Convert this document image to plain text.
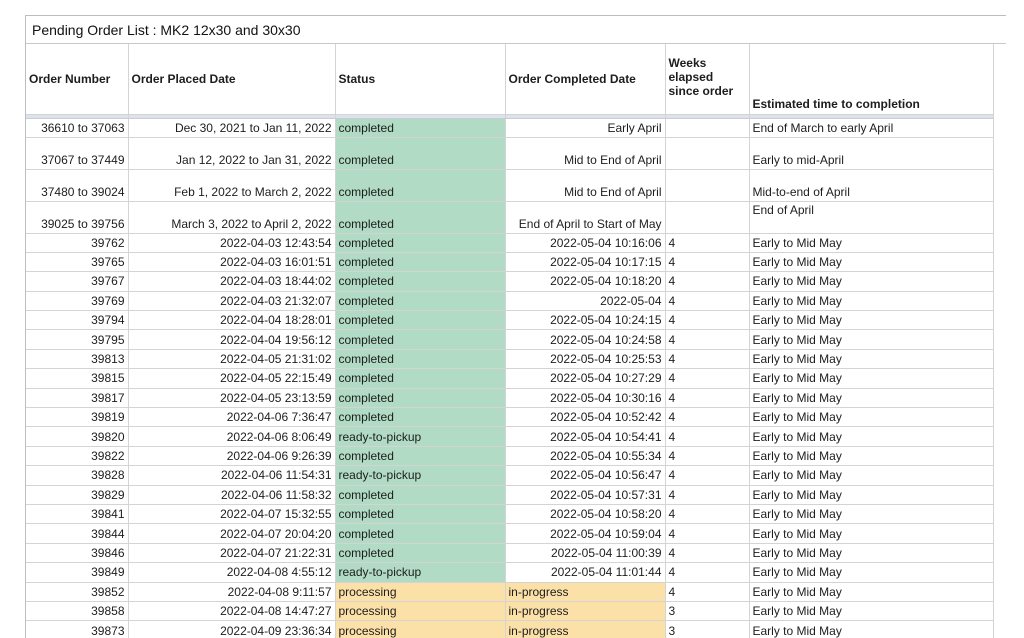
Pending Order List : MK2 12x30 and 30x30
Order Number	Order Placed Date	Status	Order Completed Date	Weeks elapsed since order	Estimated time to completion

36610 to 37063	Dec 30, 2021 to Jan 11, 2022	completed	Early April		End of March to early April
37067 to 37449	Jan 12, 2022 to Jan 31, 2022	completed	Mid to End of April		Early to mid-April
37480 to 39024	Feb 1, 2022 to March 2, 2022	completed	Mid to End of April		Mid-to-end of April
39025 to 39756	March 3, 2022 to April 2, 2022	completed	End of April to Start of May		End of April
39762	2022-04-03 12:43:54	completed	2022-05-04 10:16:06	4	Early to Mid May
39765	2022-04-03 16:01:51	completed	2022-05-04 10:17:15	4	Early to Mid May
39767	2022-04-03 18:44:02	completed	2022-05-04 10:18:20	4	Early to Mid May
39769	2022-04-03 21:32:07	completed	2022-05-04	4	Early to Mid May
39794	2022-04-04 18:28:01	completed	2022-05-04 10:24:15	4	Early to Mid May
39795	2022-04-04 19:56:12	completed	2022-05-04 10:24:58	4	Early to Mid May
39813	2022-04-05 21:31:02	completed	2022-05-04 10:25:53	4	Early to Mid May
39815	2022-04-05 22:15:49	completed	2022-05-04 10:27:29	4	Early to Mid May
39817	2022-04-05 23:13:59	completed	2022-05-04 10:30:16	4	Early to Mid May
39819	2022-04-06 7:36:47	completed	2022-05-04 10:52:42	4	Early to Mid May
39820	2022-04-06 8:06:49	ready-to-pickup	2022-05-04 10:54:41	4	Early to Mid May
39822	2022-04-06 9:26:39	completed	2022-05-04 10:55:34	4	Early to Mid May
39828	2022-04-06 11:54:31	ready-to-pickup	2022-05-04 10:56:47	4	Early to Mid May
39829	2022-04-06 11:58:32	completed	2022-05-04 10:57:31	4	Early to Mid May
39841	2022-04-07 15:32:55	completed	2022-05-04 10:58:20	4	Early to Mid May
39844	2022-04-07 20:04:20	completed	2022-05-04 10:59:04	4	Early to Mid May
39846	2022-04-07 21:22:31	completed	2022-05-04 11:00:39	4	Early to Mid May
39849	2022-04-08 4:55:12	ready-to-pickup	2022-05-04 11:01:44	4	Early to Mid May
39852	2022-04-08 9:11:57	processing	in-progress	4	Early to Mid May
39858	2022-04-08 14:47:27	processing	in-progress	3	Early to Mid May
39873	2022-04-09 23:36:34	processing	in-progress	3	Early to Mid May
